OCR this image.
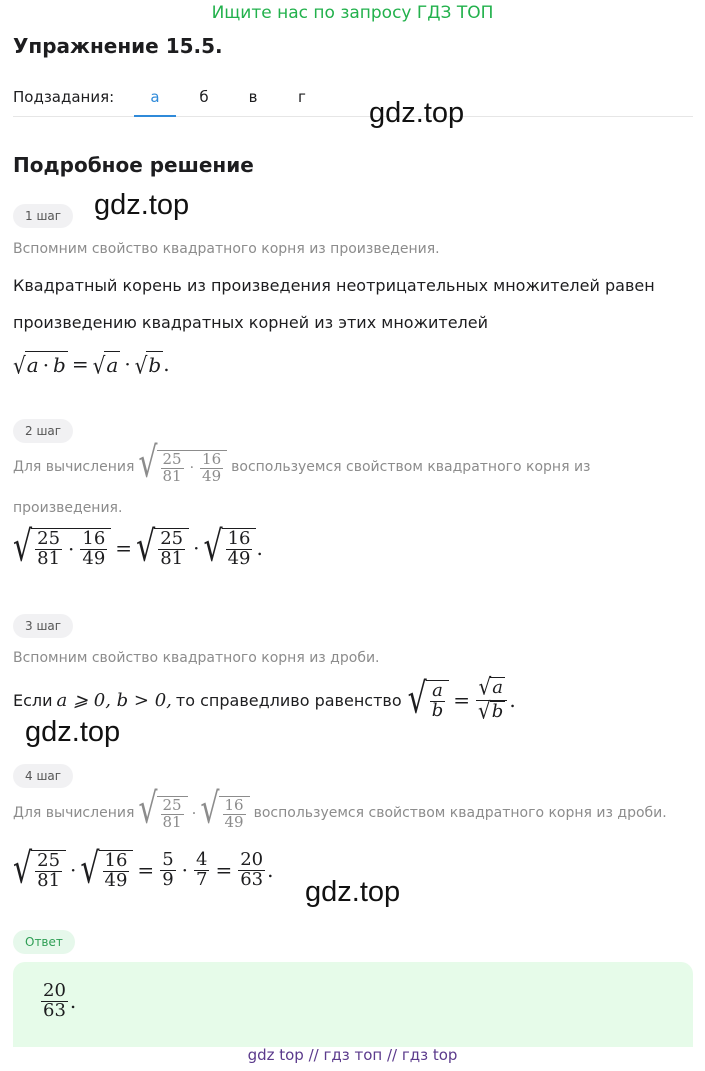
Ищите нас по запросу ГДЗ ТОП
Упражнение 15.5.
Подзадания:	а	б	в	г	gdz.top
Подробное решение
gdz.top
1 шаг
Вспомним свойство квадратного корня из произведения.
Квадратный корень из произведения неотрицательных множителей равен
произведению квадратных корней из этих множителей
√ a · b = √ a · √ b .
2 шаг
Для вычисления √ $\frac{25}{81} \cdot \frac{16}{49}$ воспользуемся свойством квадратного корня из
произведения.
√ $\frac{25}{81} \cdot \frac{16}{49}$ = √ $\frac{25}{81}$ · √ $\frac{16}{49}$ .
3 шаг
Вспомним свойство квадратного корня из дроби.
Если a ⩾ 0, b > 0, то справедливо равенство √ $\frac{a}{b} = \frac{√ a}{√ b}$ .
gdz.top
4 шаг
Для вычисления √ $\frac{25}{81}$ · √ $\frac{16}{49}$ воспользуемся свойством квадратного корня из дроби.
√ $\frac{25}{81}$ · √ $\frac{16}{49} = \frac{5}{9} \cdot \frac{4}{7} = \frac{20}{63}$ .
gdz.top
Ответ
$\frac{20}{63}$ .
gdz top // гдз топ // гдз top
